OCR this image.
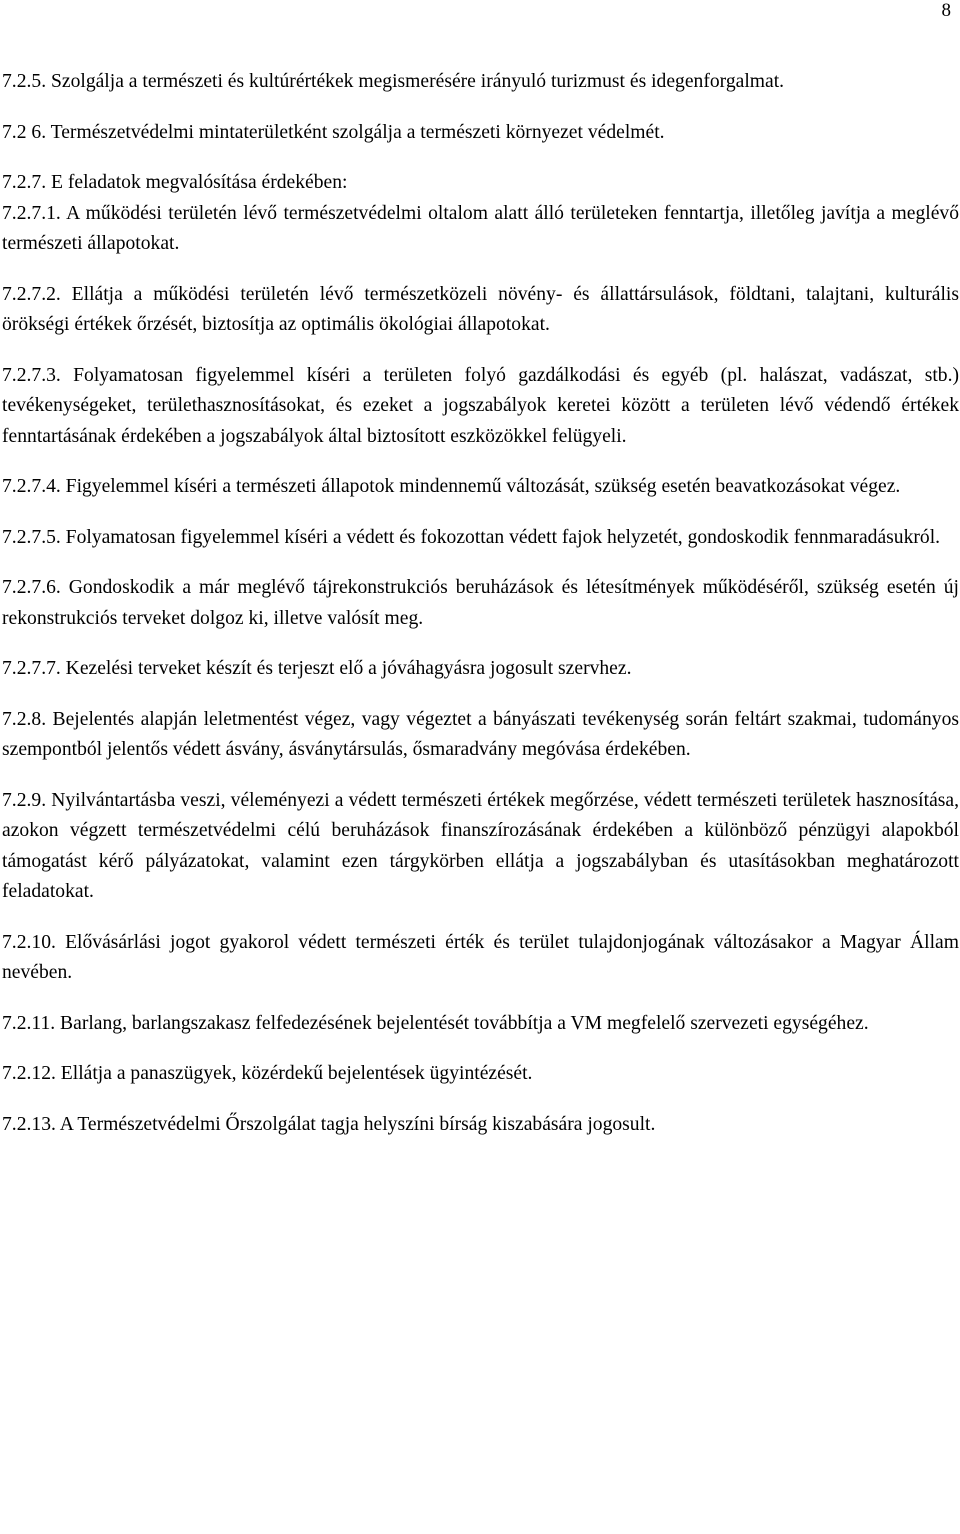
8

7.2.5. Szolgálja a természeti és kultúrértékek megismerésére irányuló turizmust és idegenforgalmat.

7.2 6. Természetvédelmi mintaterületként szolgálja a természeti környezet védelmét.

7.2.7. E feladatok megvalósítása érdekében:

7.2.7.1. A működési területén lévő természetvédelmi oltalom alatt álló területeken fenntartja, illetőleg javítja a meglévő természeti állapotokat.

7.2.7.2. Ellátja a működési területén lévő természetközeli növény- és állattársulások, földtani, talajtani, kulturális örökségi értékek őrzését, biztosítja az optimális ökológiai állapotokat.

7.2.7.3. Folyamatosan figyelemmel kíséri a területen folyó gazdálkodási és egyéb (pl. halászat, vadászat, stb.) tevékenységeket, területhasznosításokat, és ezeket a jogszabályok keretei között a területen lévő védendő értékek fenntartásának érdekében a jogszabályok által biztosított eszközökkel felügyeli.

7.2.7.4. Figyelemmel kíséri a természeti állapotok mindennemű változását, szükség esetén beavatkozásokat végez.

7.2.7.5. Folyamatosan figyelemmel kíséri a védett és fokozottan védett fajok helyzetét, gondoskodik fennmaradásukról.

7.2.7.6. Gondoskodik a már meglévő tájrekonstrukciós beruházások és létesítmények működéséről, szükség esetén új rekonstrukciós terveket dolgoz ki, illetve valósít meg.

7.2.7.7. Kezelési terveket készít és terjeszt elő a jóváhagyásra jogosult szervhez.

7.2.8. Bejelentés alapján leletmentést végez, vagy végeztet a bányászati tevékenység során feltárt szakmai, tudományos szempontból jelentős védett ásvány, ásványtársulás, ősmaradvány megóvása érdekében.

7.2.9. Nyilvántartásba veszi, véleményezi a védett természeti értékek megőrzése, védett természeti területek hasznosítása, azokon végzett természetvédelmi célú beruházások finanszírozásának érdekében a különböző pénzügyi alapokból támogatást kérő pályázatokat, valamint ezen tárgykörben ellátja a jogszabályban és utasításokban meghatározott feladatokat.

7.2.10. Elővásárlási jogot gyakorol védett természeti érték és terület tulajdonjogának változásakor a Magyar Állam nevében.

7.2.11. Barlang, barlangszakasz felfedezésének bejelentését továbbítja a VM megfelelő szervezeti egységéhez.

7.2.12. Ellátja a panaszügyek, közérdekű bejelentések ügyintézését.

7.2.13. A Természetvédelmi Őrszolgálat tagja helyszíni bírság kiszabására jogosult.
